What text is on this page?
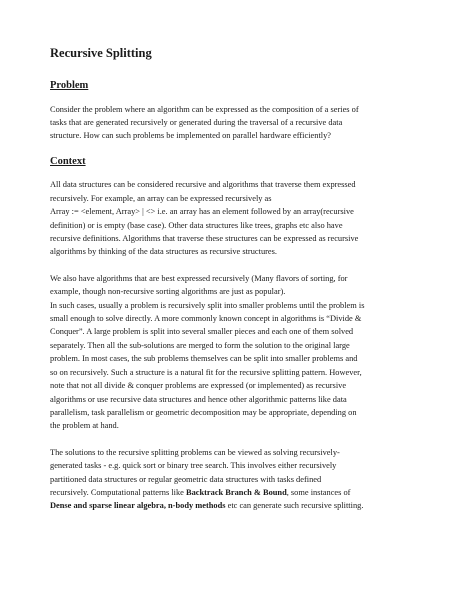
Recursive Splitting
Problem
Consider the problem where an algorithm can be expressed as the composition of a series of
tasks that are generated recursively or generated during the traversal of a recursive data
structure. How can such problems be implemented on parallel hardware efficiently?
Context
All data structures can be considered recursive and algorithms that traverse them expressed
recursively. For example, an array can be expressed recursively as
Array := <element, Array> | <> i.e. an array has an element followed by an array(recursive
definition) or is empty (base case). Other data structures like trees, graphs etc also have
recursive definitions. Algorithms that traverse these structures can be expressed as recursive
algorithms by thinking of the data structures as recursive structures.
We also have algorithms that are best expressed recursively (Many flavors of sorting, for
example, though non-recursive sorting algorithms are just as popular).
In such cases, usually a problem is recursively split into smaller problems until the problem is
small enough to solve directly. A more commonly known concept in algorithms is “Divide &
Conquer”. A large problem is split into several smaller pieces and each one of them solved
separately. Then all the sub-solutions are merged to form the solution to the original large
problem. In most cases, the sub problems themselves can be split into smaller problems and
so on recursively. Such a structure is a natural fit for the recursive splitting pattern. However,
note that not all divide & conquer problems are expressed (or implemented) as recursive
algorithms or use recursive data structures and hence other algorithmic patterns like data
parallelism, task parallelism or geometric decomposition may be appropriate, depending on
the problem at hand.
The solutions to the recursive splitting problems can be viewed as solving recursively-
generated tasks - e.g. quick sort or binary tree search. This involves either recursively
partitioned data structures or regular geometric data structures with tasks defined
recursively. Computational patterns like Backtrack Branch & Bound, some instances of
Dense and sparse linear algebra, n-body methods etc can generate such recursive splitting.
